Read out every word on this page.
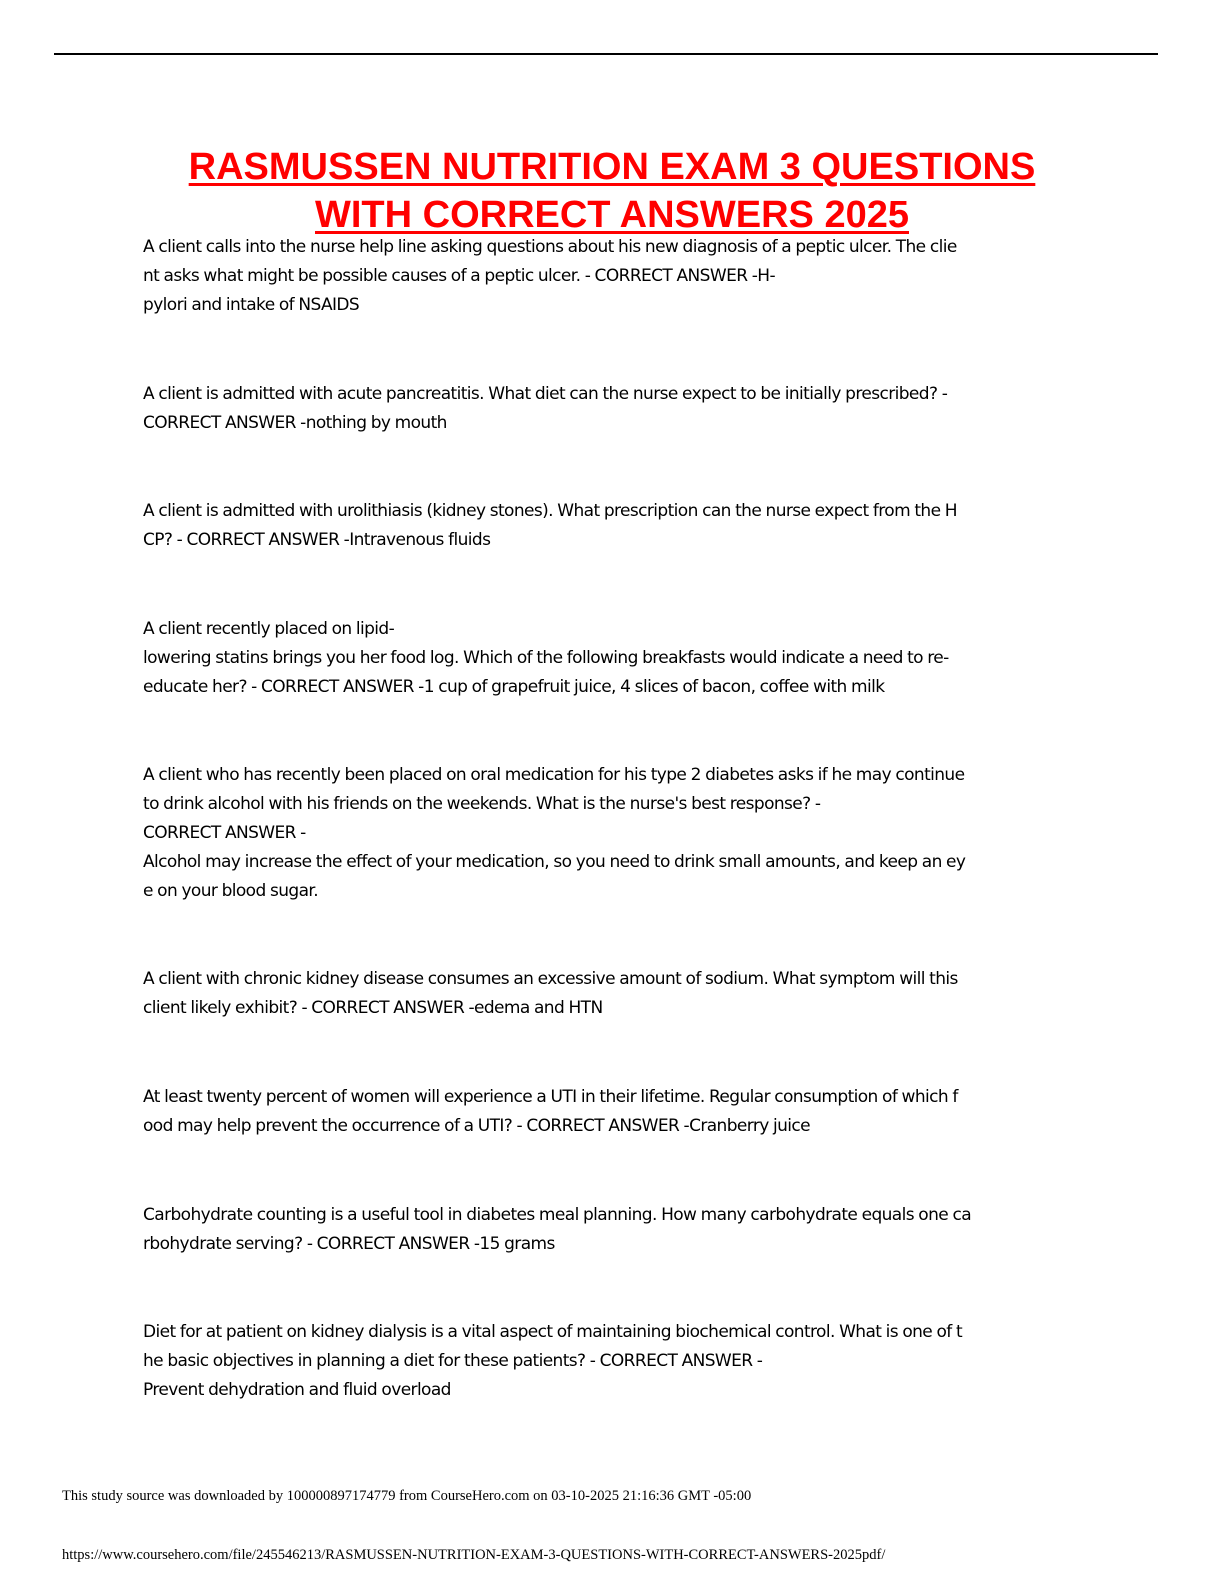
RASMUSSEN NUTRITION EXAM 3 QUESTIONS
WITH CORRECT ANSWERS 2025

A client calls into the nurse help line asking questions about his new diagnosis of a peptic ulcer. The clie
nt asks what might be possible causes of a peptic ulcer. - CORRECT ANSWER -H-
pylori and intake of NSAIDS

A client is admitted with acute pancreatitis. What diet can the nurse expect to be initially prescribed? -
CORRECT ANSWER -nothing by mouth

A client is admitted with urolithiasis (kidney stones). What prescription can the nurse expect from the H
CP? - CORRECT ANSWER -Intravenous fluids

A client recently placed on lipid-
lowering statins brings you her food log. Which of the following breakfasts would indicate a need to re-
educate her? - CORRECT ANSWER -1 cup of grapefruit juice, 4 slices of bacon, coffee with milk

A client who has recently been placed on oral medication for his type 2 diabetes asks if he may continue
to drink alcohol with his friends on the weekends. What is the nurse's best response? -
CORRECT ANSWER -
Alcohol may increase the effect of your medication, so you need to drink small amounts, and keep an ey
e on your blood sugar.

A client with chronic kidney disease consumes an excessive amount of sodium. What symptom will this
client likely exhibit? - CORRECT ANSWER -edema and HTN

At least twenty percent of women will experience a UTI in their lifetime. Regular consumption of which f
ood may help prevent the occurrence of a UTI? - CORRECT ANSWER -Cranberry juice

Carbohydrate counting is a useful tool in diabetes meal planning. How many carbohydrate equals one ca
rbohydrate serving? - CORRECT ANSWER -15 grams

Diet for at patient on kidney dialysis is a vital aspect of maintaining biochemical control. What is one of t
he basic objectives in planning a diet for these patients? - CORRECT ANSWER -
Prevent dehydration and fluid overload

This study source was downloaded by 100000897174779 from CourseHero.com on 03-10-2025 21:16:36 GMT -05:00
https://www.coursehero.com/file/245546213/RASMUSSEN-NUTRITION-EXAM-3-QUESTIONS-WITH-CORRECT-ANSWERS-2025pdf/
